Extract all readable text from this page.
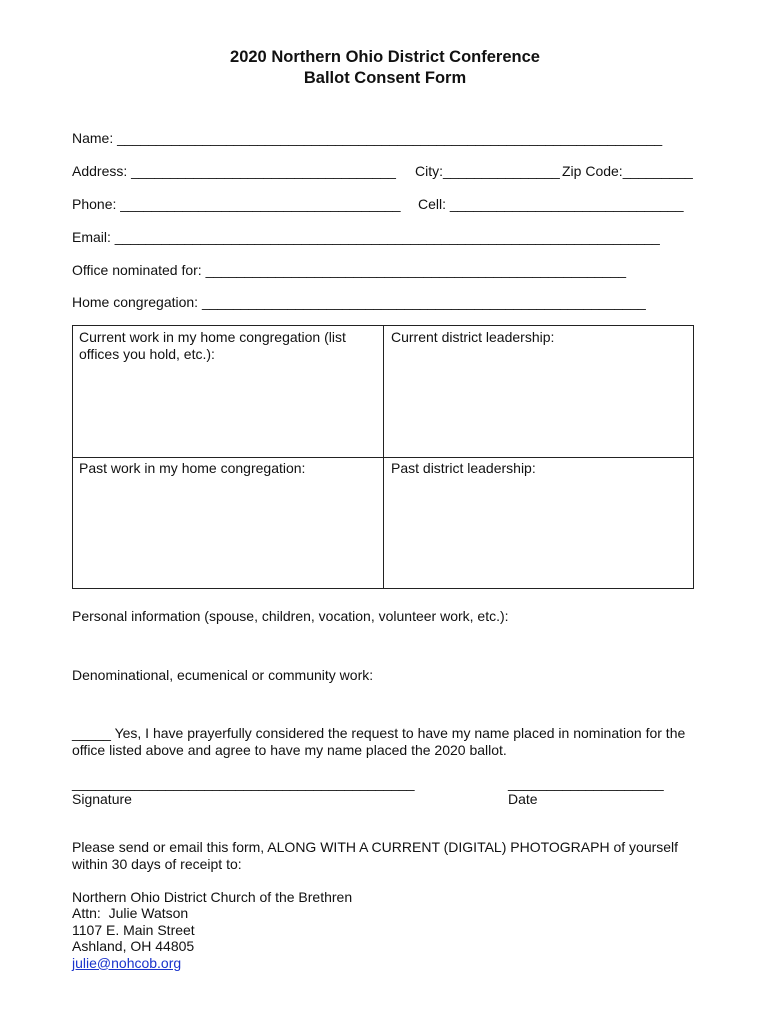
2020 Northern Ohio District Conference
Ballot Consent Form
Name: ______________________________________________________________________
Address: __________________________________ City:_______________ Zip Code:_________
Phone: ____________________________________ Cell: ______________________________
Email: ______________________________________________________________________
Office nominated for: ______________________________________________________
Home congregation: _________________________________________________________
Current work in my home congregation (list
offices you hold, etc.):
Current district leadership:
Past work in my home congregation:	Past district leadership:
Personal information (spouse, children, vocation, volunteer work, etc.):
Denominational, ecumenical or community work:
_____ Yes, I have prayerfully considered the request to have my name placed in nomination for the office listed above and agree to have my name placed the 2020 ballot.
____________________________________________
Signature
____________________
Date
Please send or email this form, ALONG WITH A CURRENT (DIGITAL) PHOTOGRAPH of yourself within 30 days of receipt to:
Northern Ohio District Church of the Brethren
Attn:  Julie Watson
1107 E. Main Street
Ashland, OH 44805
julie@nohcob.org
